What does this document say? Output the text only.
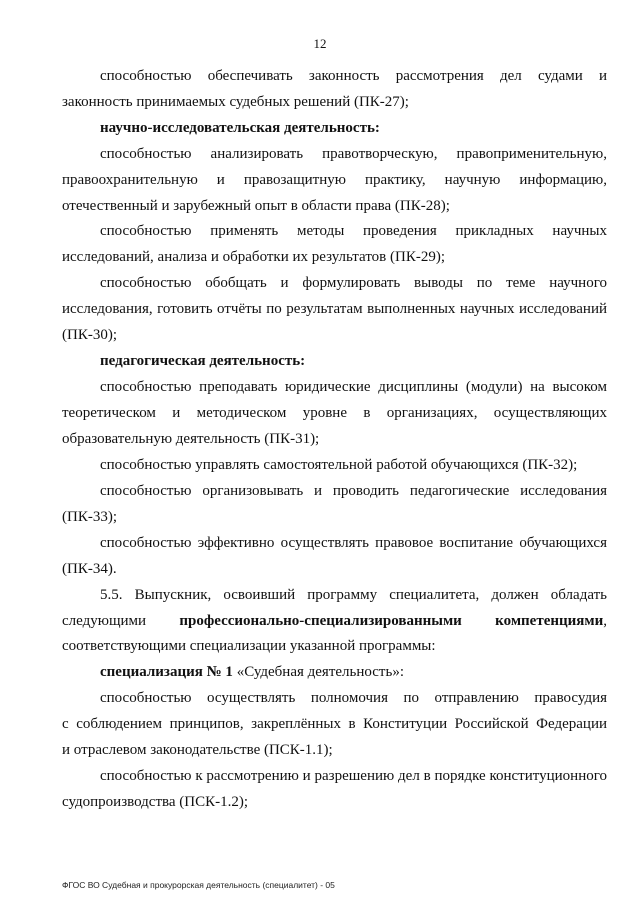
12
способностью обеспечивать законность рассмотрения дел судами и
законность принимаемых судебных решений (ПК-27);
научно-исследовательская деятельность:
способностью анализировать правотворческую, правоприменительную,
правоохранительную и правозащитную практику, научную информацию,
отечественный и зарубежный опыт в области права (ПК-28);
способностью применять методы проведения прикладных научных
исследований, анализа и обработки их результатов (ПК-29);
способностью обобщать и формулировать выводы по теме научного
исследования, готовить отчёты по результатам выполненных научных исследований
(ПК-30);
педагогическая деятельность:
способностью преподавать юридические дисциплины (модули) на высоком
теоретическом и методическом уровне в организациях, осуществляющих
образовательную деятельность (ПК-31);
способностью управлять самостоятельной работой обучающихся (ПК-32);
способностью организовывать и проводить педагогические исследования
(ПК-33);
способностью эффективно осуществлять правовое воспитание обучающихся
(ПК-34).
5.5. Выпускник, освоивший программу специалитета, должен обладать
следующими профессионально-специализированными компетенциями,
соответствующими специализации указанной программы:
специализация № 1 «Судебная деятельность»:
способностью осуществлять полномочия по отправлению правосудия
с соблюдением принципов, закреплённых в Конституции Российской Федерации
и отраслевом законодательстве (ПСК-1.1);
способностью к рассмотрению и разрешению дел в порядке конституционного
судопроизводства (ПСК-1.2);
ФГОС ВО Судебная и прокурорская деятельность (специалитет) - 05
